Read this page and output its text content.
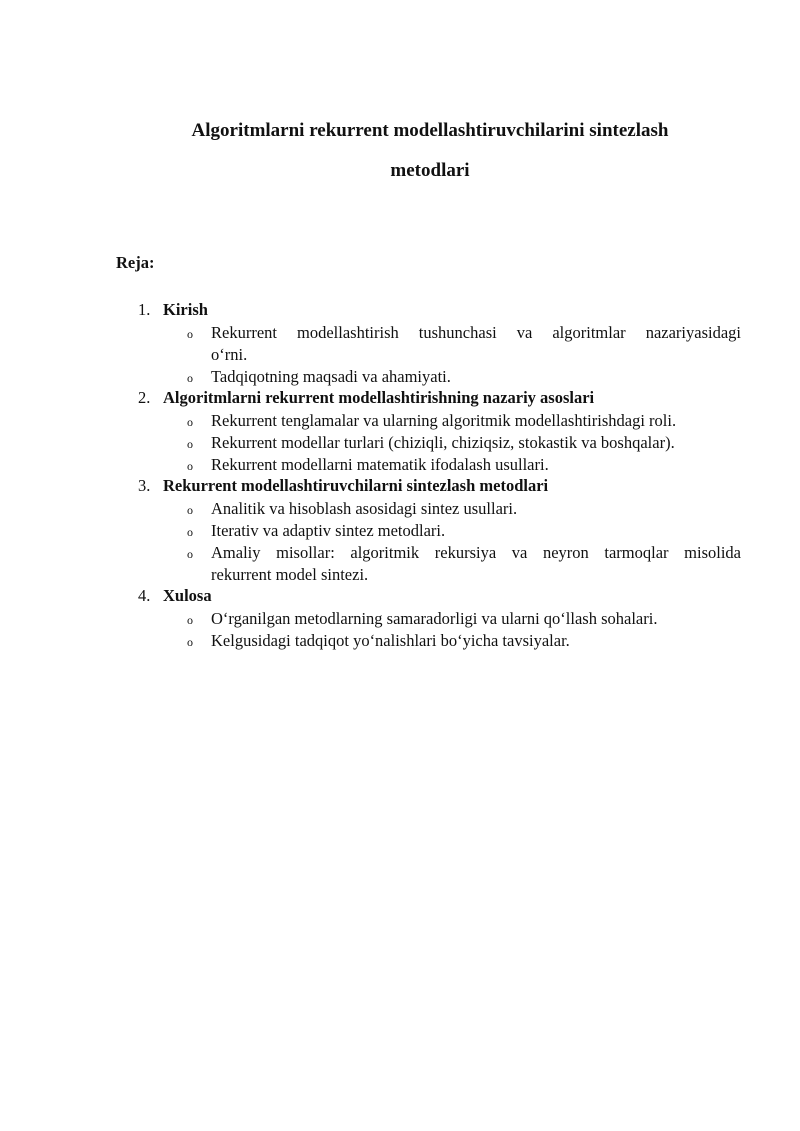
Algoritmlarni rekurrent modellashtiruvchilarini sintezlash
metodlari
Reja:
1. Kirish
o Rekurrent modellashtirish tushunchasi va algoritmlar nazariyasidagi
o‘rni.
o Tadqiqotning maqsadi va ahamiyati.
2. Algoritmlarni rekurrent modellashtirishning nazariy asoslari
o Rekurrent tenglamalar va ularning algoritmik modellashtirishdagi roli.
o Rekurrent modellar turlari (chiziqli, chiziqsiz, stokastik va boshqalar).
o Rekurrent modellarni matematik ifodalash usullari.
3. Rekurrent modellashtiruvchilarni sintezlash metodlari
o Analitik va hisoblash asosidagi sintez usullari.
o Iterativ va adaptiv sintez metodlari.
o Amaliy misollar: algoritmik rekursiya va neyron tarmoqlar misolida
rekurrent model sintezi.
4. Xulosa
o O‘rganilgan metodlarning samaradorligi va ularni qo‘llash sohalari.
o Kelgusidagi tadqiqot yo‘nalishlari bo‘yicha tavsiyalar.
